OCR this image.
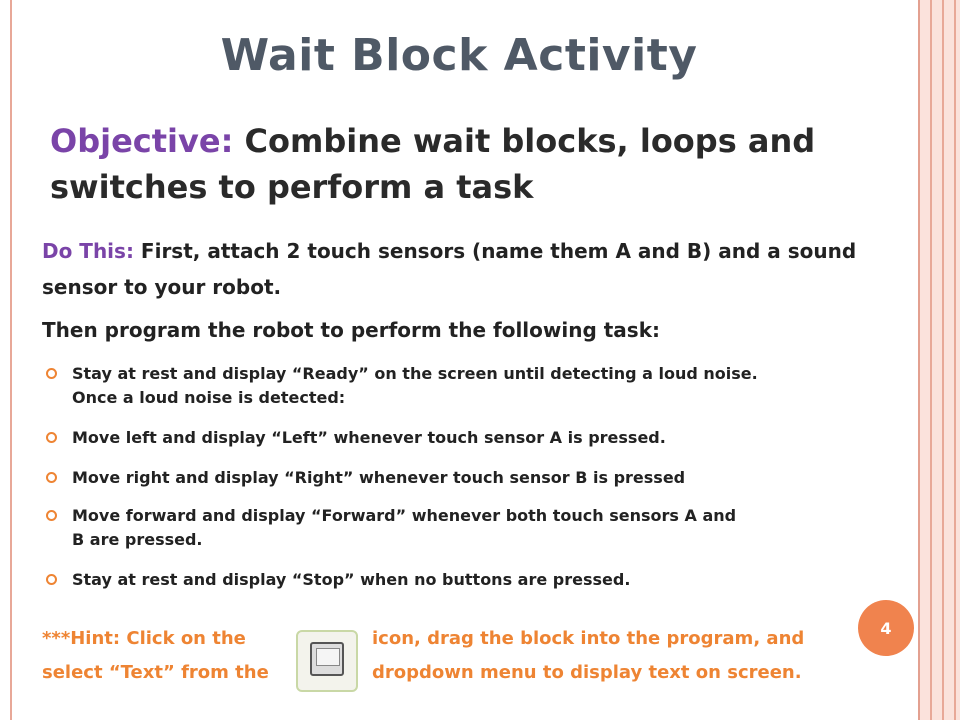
Wait Block Activity
Objective: Combine wait blocks, loops and switches to perform a task
Do This: First, attach 2 touch sensors (name them A and B) and a sound sensor to your robot.
Then program the robot to perform the following task:
Stay at rest and display “Ready” on the screen until detecting a loud noise.
Once a loud noise is detected:
Move left and display “Left” whenever touch sensor A is pressed.
Move right and display “Right” whenever touch sensor B is pressed
Move forward and display “Forward” whenever both touch sensors A and
B are pressed.
Stay at rest and display “Stop” when no buttons are pressed.
***Hint: Click on the	icon, drag the block into the program, and
select “Text” from the	dropdown menu to display text on screen.
4
